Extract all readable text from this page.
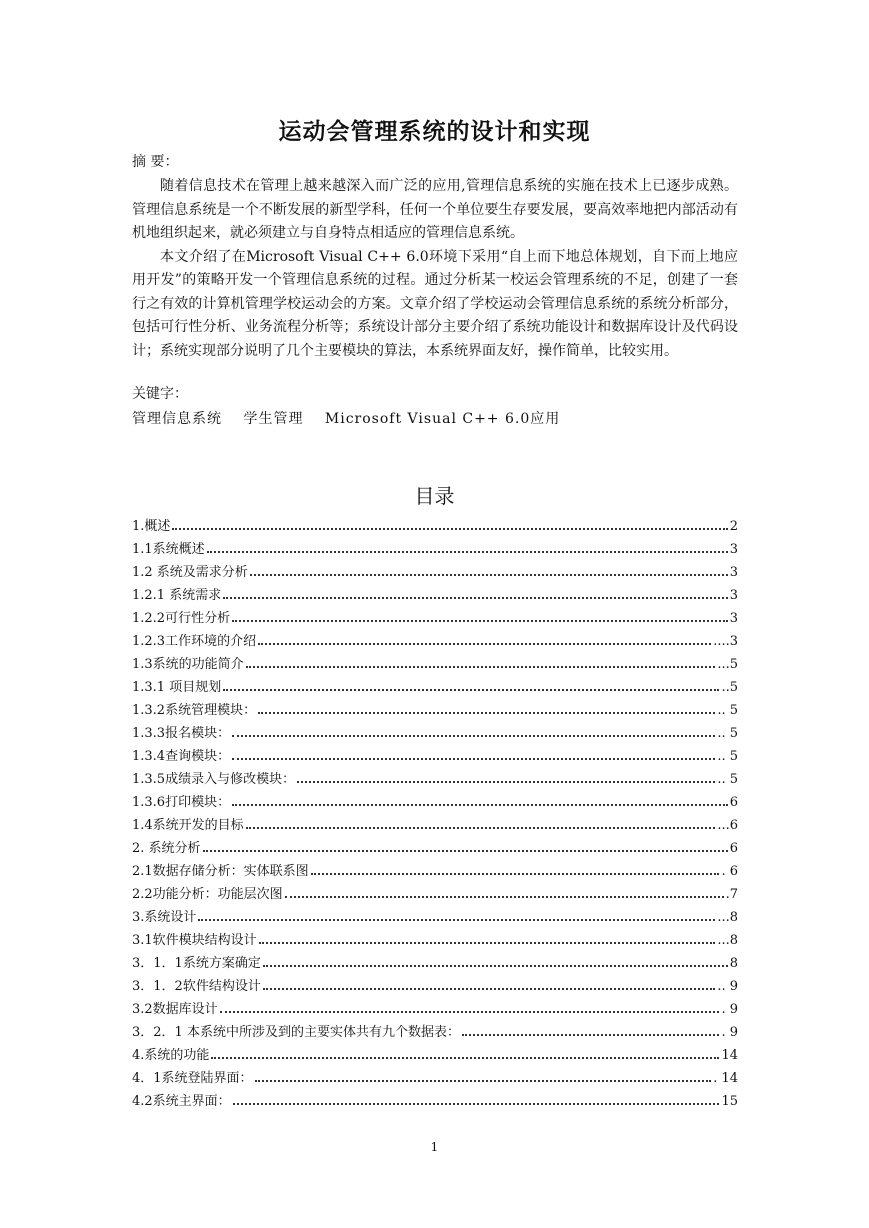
运动会管理系统的设计和实现
摘 要：

随着信息技术在管理上越来越深入而广泛的应用,管理信息系统的实施在技术上已逐步成熟。管理信息系统是一个不断发展的新型学科，任何一个单位要生存要发展，要高效率地把内部活动有机地组织起来，就必须建立与自身特点相适应的管理信息系统。

本文介绍了在Microsoft Visual C++ 6.0环境下采用“自上而下地总体规划，自下而上地应用开发”的策略开发一个管理信息系统的过程。通过分析某一校运会管理系统的不足，创建了一套行之有效的计算机管理学校运动会的方案。文章介绍了学校运动会管理信息系统的系统分析部分，包括可行性分析、业务流程分析等；系统设计部分主要介绍了系统功能设计和数据库设计及代码设计；系统实现部分说明了几个主要模块的算法，本系统界面友好，操作简单，比较实用。

关键字：
管理信息系统 学生管理 Microsoft Visual C++ 6.0应用
目录
1.概述	2
1.1系统概述	3
1.2 系统及需求分析	3
1.2.1 系统需求	3
1.2.2可行性分析	3
1.2.3工作环境的介绍	....3
1.3系统的功能简介	...5
1.3.1 项目规划	..5
1.3.2系统管理模块：	.. 5
1.3.3报名模块：	.. 5
1.3.4查询模块：	.. 5
1.3.5成绩录入与修改模块：	.. 5
1.3.6打印模块：	6
1.4系统开发的目标	...6
2. 系统分析	6
2.1数据存储分析：实体联系图	. 6
2.2功能分析：功能层次图	.7
3.系统设计	...8
3.1软件模块结构设计	...8
3．1．1系统方案确定	8
3．1．2软件结构设计	.. 9
3.2数据库设计	. 9
3．2．1 本系统中所涉及到的主要实体共有九个数据表：	. 9
4.系统的功能	14
4．1系统登陆界面：	. 14
4.2系统主界面：	15
1
